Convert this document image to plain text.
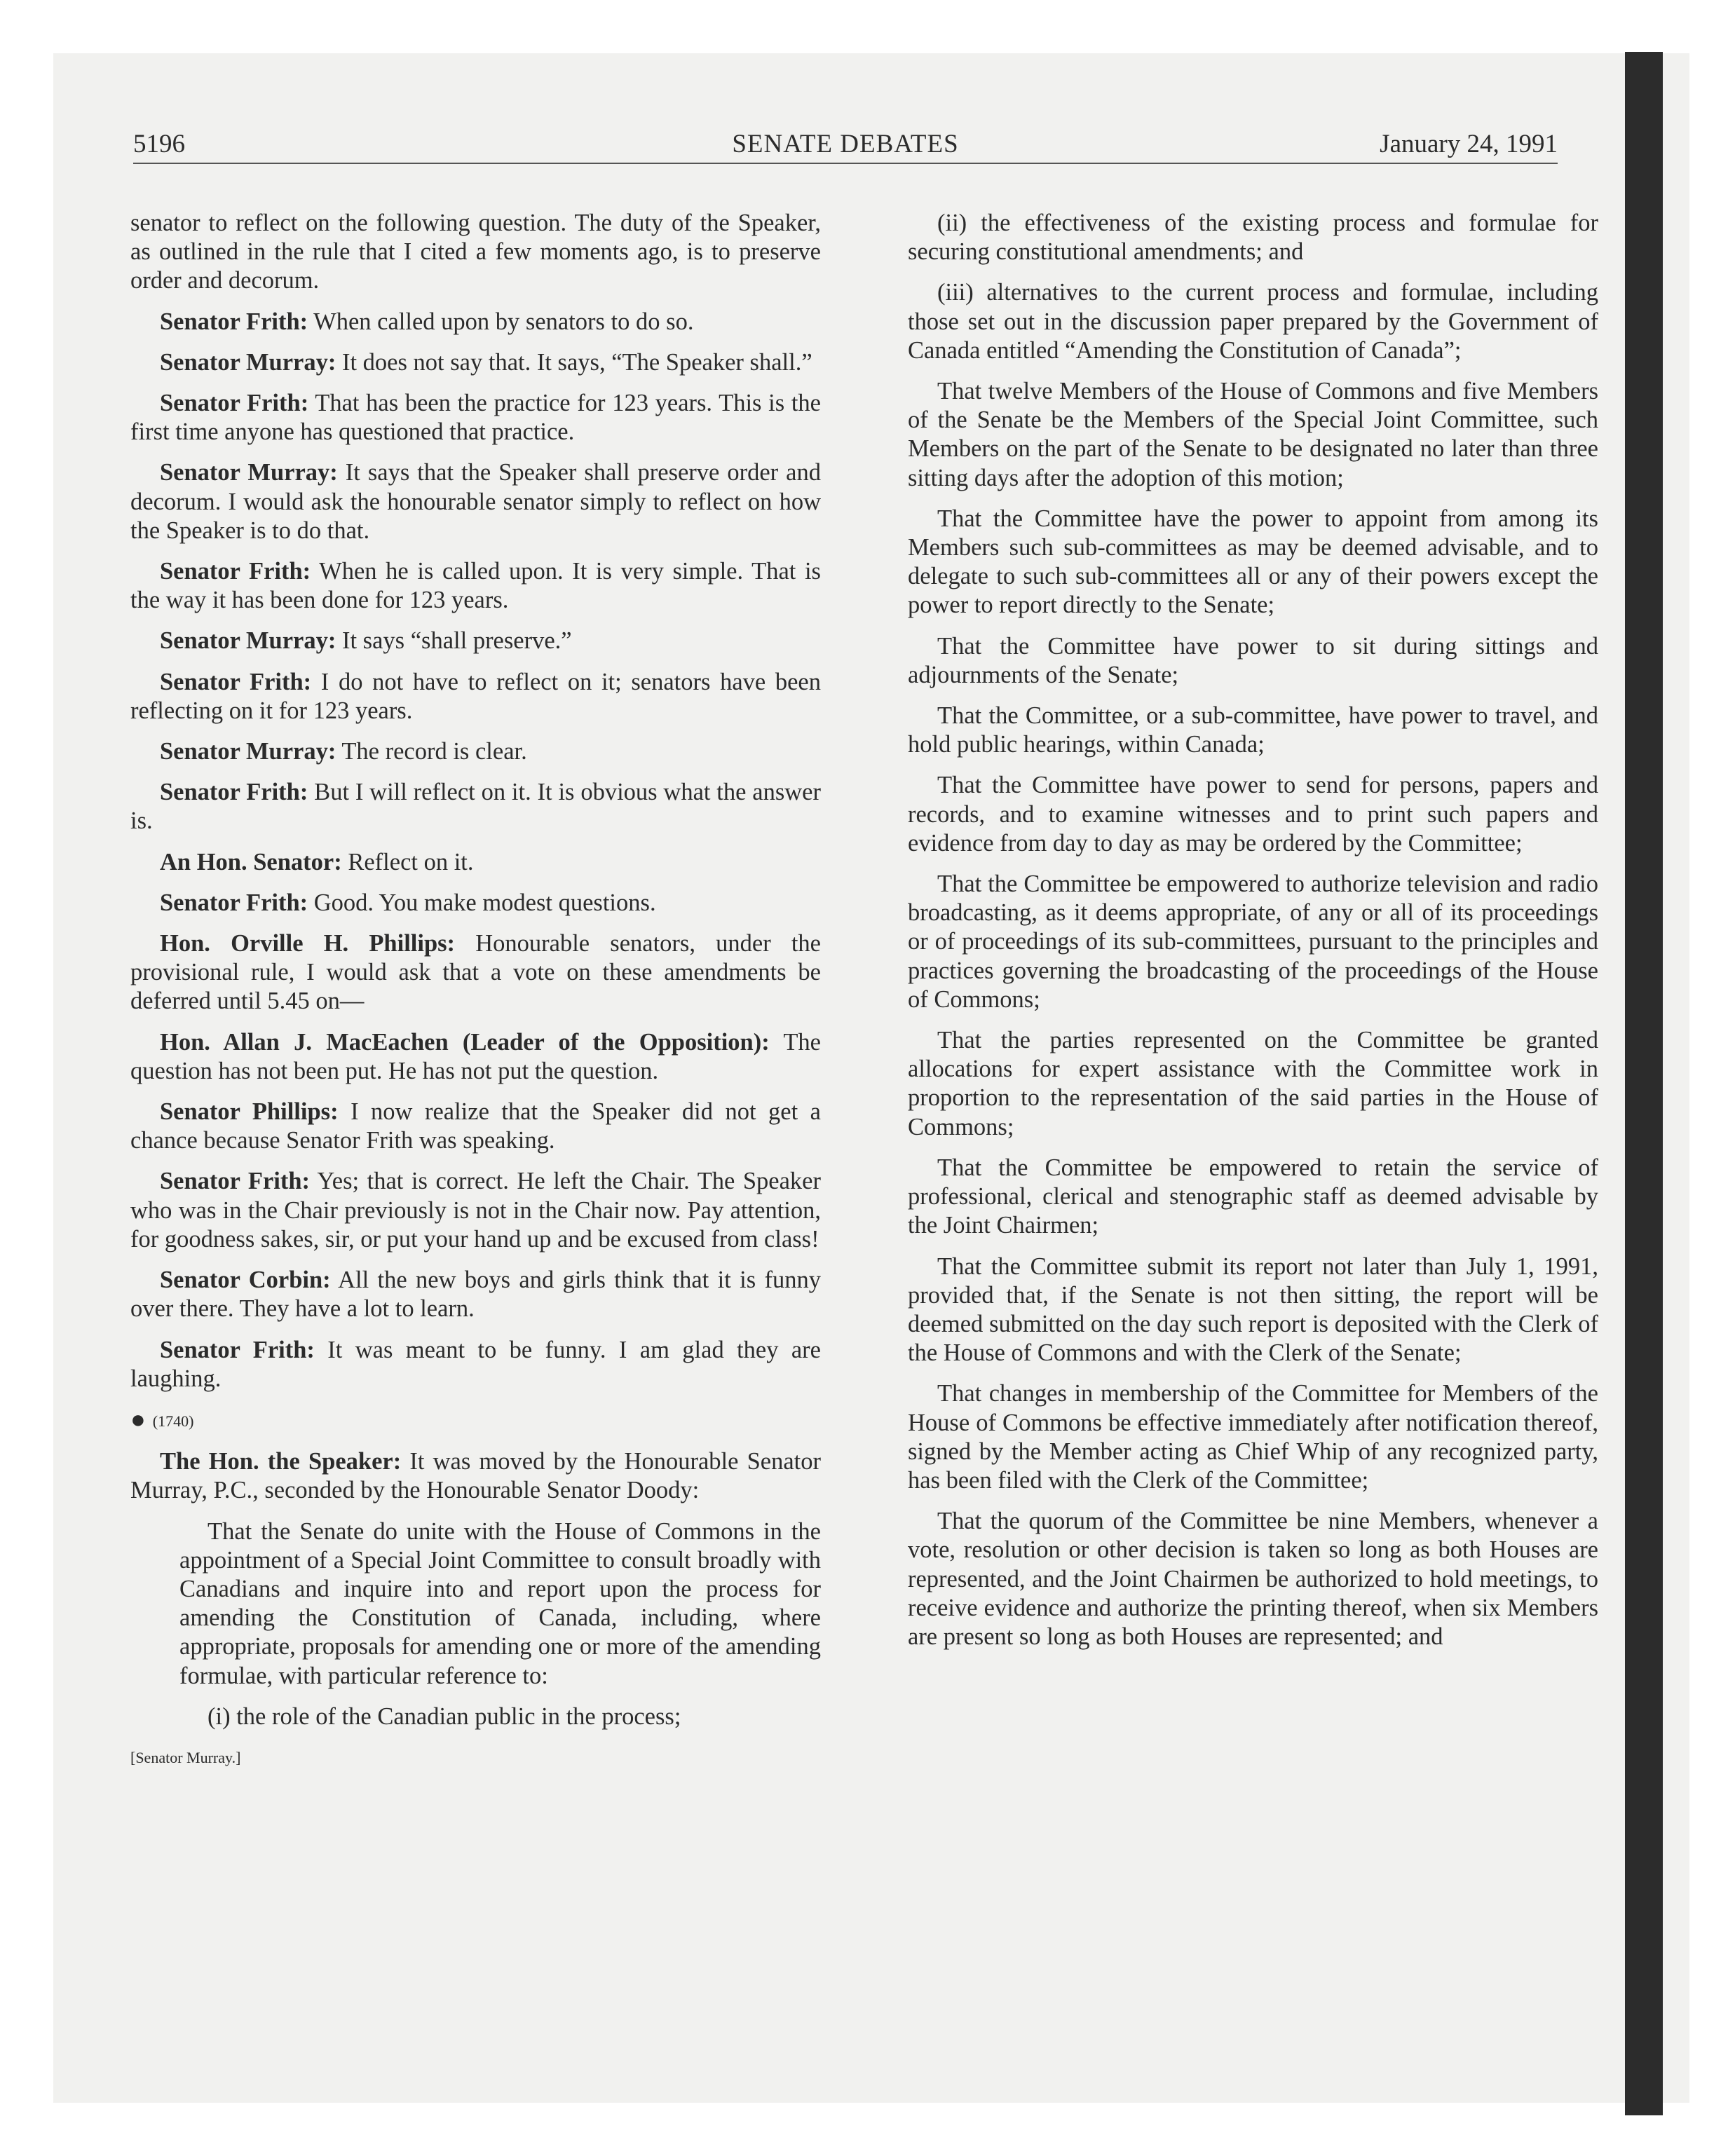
5196	SENATE DEBATES	January 24, 1991

senator to reflect on the following question. The duty of the Speaker, as outlined in the rule that I cited a few moments ago, is to preserve order and decorum.

Senator Frith: When called upon by senators to do so.

Senator Murray: It does not say that. It says, “The Speaker shall.”

Senator Frith: That has been the practice for 123 years. This is the first time anyone has questioned that practice.

Senator Murray: It says that the Speaker shall preserve order and decorum. I would ask the honourable senator simply to reflect on how the Speaker is to do that.

Senator Frith: When he is called upon. It is very simple. That is the way it has been done for 123 years.

Senator Murray: It says “shall preserve.”

Senator Frith: I do not have to reflect on it; senators have been reflecting on it for 123 years.

Senator Murray: The record is clear.

Senator Frith: But I will reflect on it. It is obvious what the answer is.

An Hon. Senator: Reflect on it.

Senator Frith: Good. You make modest questions.

Hon. Orville H. Phillips: Honourable senators, under the provisional rule, I would ask that a vote on these amendments be deferred until 5.45 on—

Hon. Allan J. MacEachen (Leader of the Opposition): The question has not been put. He has not put the question.

Senator Phillips: I now realize that the Speaker did not get a chance because Senator Frith was speaking.

Senator Frith: Yes; that is correct. He left the Chair. The Speaker who was in the Chair previously is not in the Chair now. Pay attention, for goodness sakes, sir, or put your hand up and be excused from class!

Senator Corbin: All the new boys and girls think that it is funny over there. They have a lot to learn.

Senator Frith: It was meant to be funny. I am glad they are laughing.

● (1740)

The Hon. the Speaker: It was moved by the Honourable Senator Murray, P.C., seconded by the Honourable Senator Doody:

That the Senate do unite with the House of Commons in the appointment of a Special Joint Committee to consult broadly with Canadians and inquire into and report upon the process for amending the Constitution of Canada, including, where appropriate, proposals for amending one or more of the amending formulae, with particular reference to:

(i) the role of the Canadian public in the process;

[Senator Murray.]

(ii) the effectiveness of the existing process and formulae for securing constitutional amendments; and

(iii) alternatives to the current process and formulae, including those set out in the discussion paper prepared by the Government of Canada entitled “Amending the Constitution of Canada”;

That twelve Members of the House of Commons and five Members of the Senate be the Members of the Special Joint Committee, such Members on the part of the Senate to be designated no later than three sitting days after the adoption of this motion;

That the Committee have the power to appoint from among its Members such sub-committees as may be deemed advisable, and to delegate to such sub-committees all or any of their powers except the power to report directly to the Senate;

That the Committee have power to sit during sittings and adjournments of the Senate;

That the Committee, or a sub-committee, have power to travel, and hold public hearings, within Canada;

That the Committee have power to send for persons, papers and records, and to examine witnesses and to print such papers and evidence from day to day as may be ordered by the Committee;

That the Committee be empowered to authorize television and radio broadcasting, as it deems appropriate, of any or all of its proceedings or of proceedings of its sub-committees, pursuant to the principles and practices governing the broadcasting of the proceedings of the House of Commons;

That the parties represented on the Committee be granted allocations for expert assistance with the Committee work in proportion to the representation of the said parties in the House of Commons;

That the Committee be empowered to retain the service of professional, clerical and stenographic staff as deemed advisable by the Joint Chairmen;

That the Committee submit its report not later than July 1, 1991, provided that, if the Senate is not then sitting, the report will be deemed submitted on the day such report is deposited with the Clerk of the House of Commons and with the Clerk of the Senate;

That changes in membership of the Committee for Members of the House of Commons be effective immediately after notification thereof, signed by the Member acting as Chief Whip of any recognized party, has been filed with the Clerk of the Committee;

That the quorum of the Committee be nine Members, whenever a vote, resolution or other decision is taken so long as both Houses are represented, and the Joint Chairmen be authorized to hold meetings, to receive evidence and authorize the printing thereof, when six Members are present so long as both Houses are represented; and
